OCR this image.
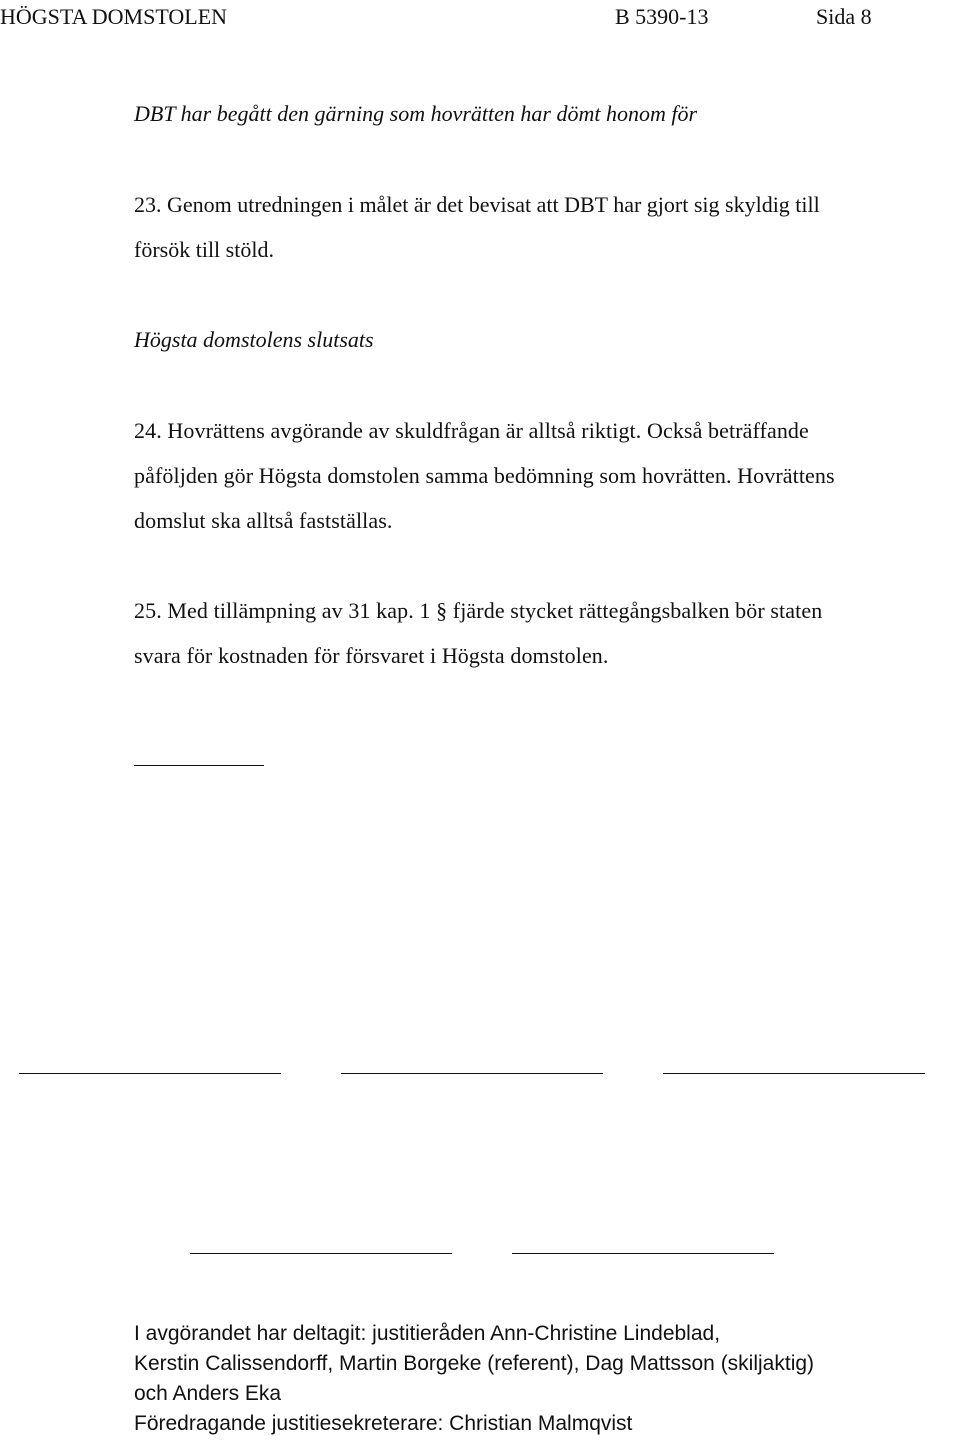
HÖGSTA DOMSTOLEN	B 5390-13	Sida 8
DBT har begått den gärning som hovrätten har dömt honom för
23. Genom utredningen i målet är det bevisat att DBT har gjort sig skyldig till
försök till stöld.
Högsta domstolens slutsats
24. Hovrättens avgörande av skuldfrågan är alltså riktigt. Också beträffande
påföljden gör Högsta domstolen samma bedömning som hovrätten. Hovrättens
domslut ska alltså fastställas.
25. Med tillämpning av 31 kap. 1 § fjärde stycket rättegångsbalken bör staten
svara för kostnaden för försvaret i Högsta domstolen.
I avgörandet har deltagit: justitieråden Ann-Christine Lindeblad,
Kerstin Calissendorff, Martin Borgeke (referent), Dag Mattsson (skiljaktig)
och Anders Eka
Föredragande justitiesekreterare: Christian Malmqvist
